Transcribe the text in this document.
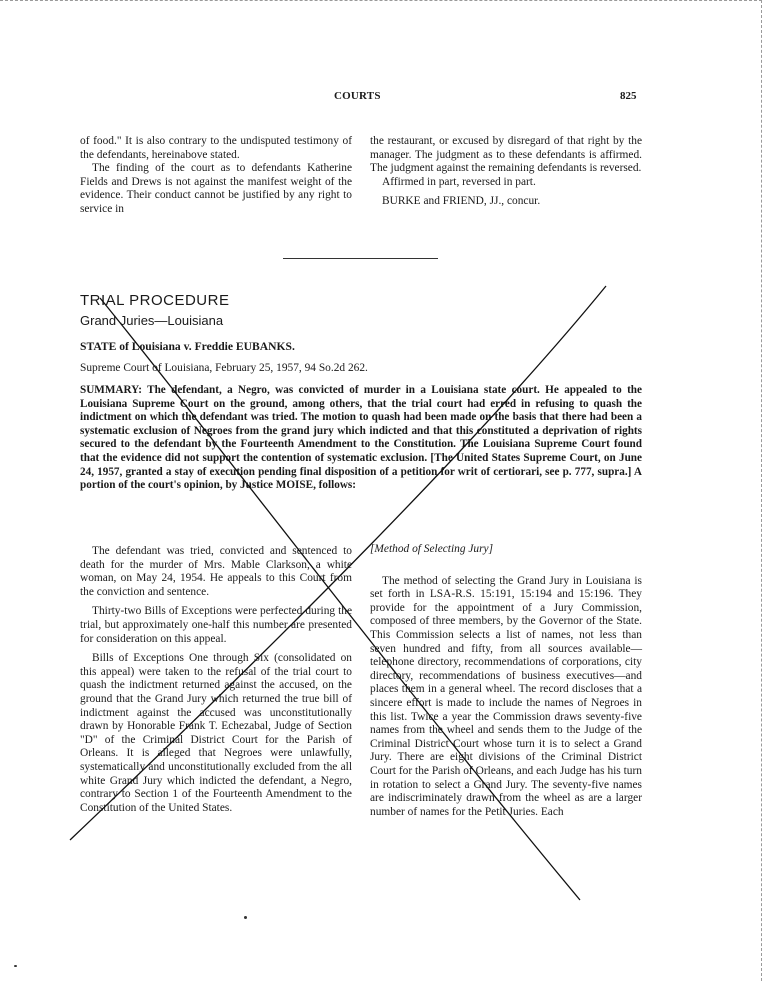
COURTS	825

of food." It is also contrary to the undisputed testimony of the defendants, hereinabove stated.

The finding of the court as to defendants Katherine Fields and Drews is not against the manifest weight of the evidence. Their conduct cannot be justified by any right to service in

the restaurant, or excused by disregard of that right by the manager. The judgment as to these defendants is affirmed. The judgment against the remaining defendants is reversed.

Affirmed in part, reversed in part.

BURKE and FRIEND, JJ., concur.

TRIAL PROCEDURE
Grand Juries—Louisiana
STATE of Louisiana v. Freddie EUBANKS.
Supreme Court of Louisiana, February 25, 1957, 94 So.2d 262.
SUMMARY: The defendant, a Negro, was convicted of murder in a Louisiana state court. He appealed to the Louisiana Supreme Court on the ground, among others, that the trial court had erred in refusing to quash the indictment on which the defendant was tried. The motion to quash had been made on the basis that there had been a systematic exclusion of Negroes from the grand jury which indicted and that this constituted a deprivation of rights secured to the defendant by the Fourteenth Amendment to the Constitution. The Louisiana Supreme Court found that the evidence did not support the contention of systematic exclusion. [The United States Supreme Court, on June 24, 1957, granted a stay of execution pending final disposition of a petition for writ of certiorari, see p. 777, supra.] A portion of the court's opinion, by Justice MOISE, follows:

The defendant was tried, convicted and sentenced to death for the murder of Mrs. Mable Clarkson, a white woman, on May 24, 1954. He appeals to this Court from the conviction and sentence.

Thirty-two Bills of Exceptions were perfected during the trial, but approximately one-half this number are presented for consideration on this appeal.

Bills of Exceptions One through Six (consolidated on this appeal) were taken to the refusal of the trial court to quash the indictment returned against the accused, on the ground that the Grand Jury which returned the true bill of indictment against the accused was unconstitutionally drawn by Honorable Frank T. Echezabal, Judge of Section "D" of the Criminal District Court for the Parish of Orleans. It is alleged that Negroes were unlawfully, systematically and unconstitutionally excluded from the all white Grand Jury which indicted the defendant, a Negro, contrary to Section 1 of the Fourteenth Amendment to the Constitution of the United States.

[Method of Selecting Jury]

The method of selecting the Grand Jury in Louisiana is set forth in LSA-R.S. 15:191, 15:194 and 15:196. They provide for the appointment of a Jury Commission, composed of three members, by the Governor of the State. This Commission selects a list of names, not less than seven hundred and fifty, from all sources available—telephone directory, recommendations of corporations, city directory, recommendations of business executives—and places them in a general wheel. The record discloses that a sincere effort is made to include the names of Negroes in this list. Twice a year the Commission draws seventy-five names from the wheel and sends them to the Judge of the Criminal District Court whose turn it is to select a Grand Jury. There are eight divisions of the Criminal District Court for the Parish of Orleans, and each Judge has his turn in rotation to select a Grand Jury. The seventy-five names are indiscriminately drawn from the wheel as are a larger number of names for the Petit Juries. Each
